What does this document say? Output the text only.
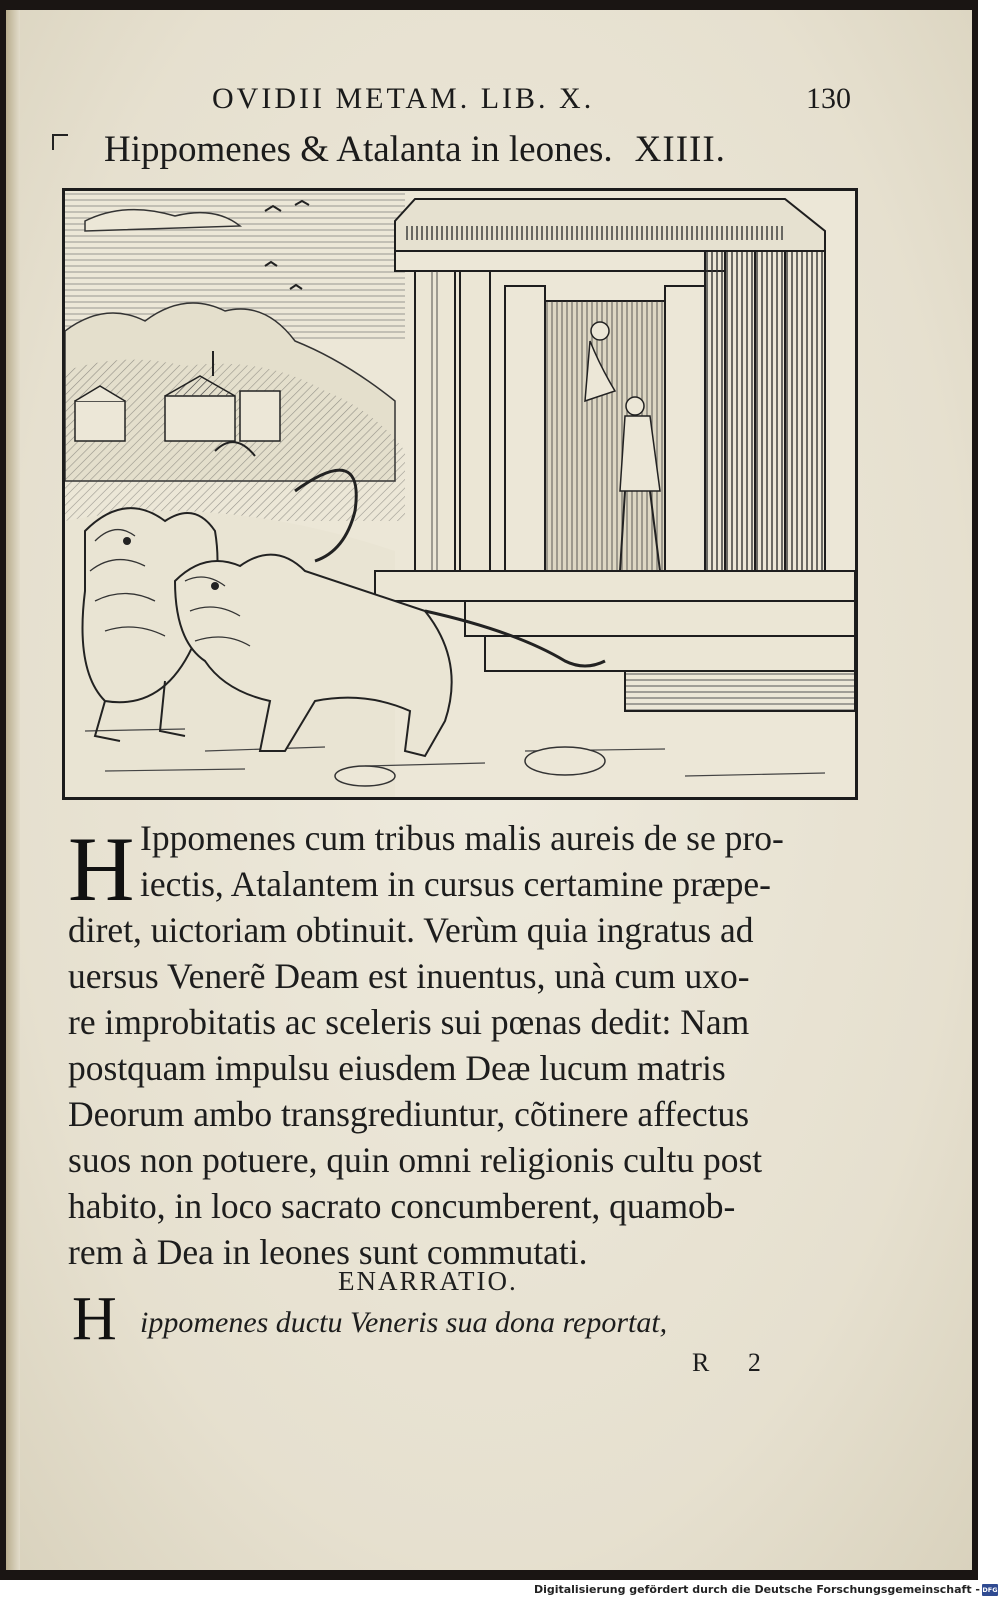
OVIDII METAM. LIB. X.	130
Hippomenes & Atalanta in leones. XIIII.
H Ippomenes cum tribus malis aureis de se pro-
iectis, Atalantem in cursus certamine præpe-
diret, uictoriam obtinuit. Verùm quia ingratus ad
uersus Venerẽ Deam est inuentus, unà cum uxo-
re improbitatis ac sceleris sui pœnas dedit: Nam
postquam impulsu eiusdem Deæ lucum matris
Deorum ambo transgrediuntur, cõtinere affectus
suos non potuere, quin omni religionis cultu post
habito, in loco sacrato concumberent, quamob-
rem à Dea in leones sunt commutati.
ENARRATIO.
H ippomenes ductu Veneris sua dona reportat,
R 2
Digitalisierung gefördert durch die Deutsche Forschungsgemeinschaft - DFG
